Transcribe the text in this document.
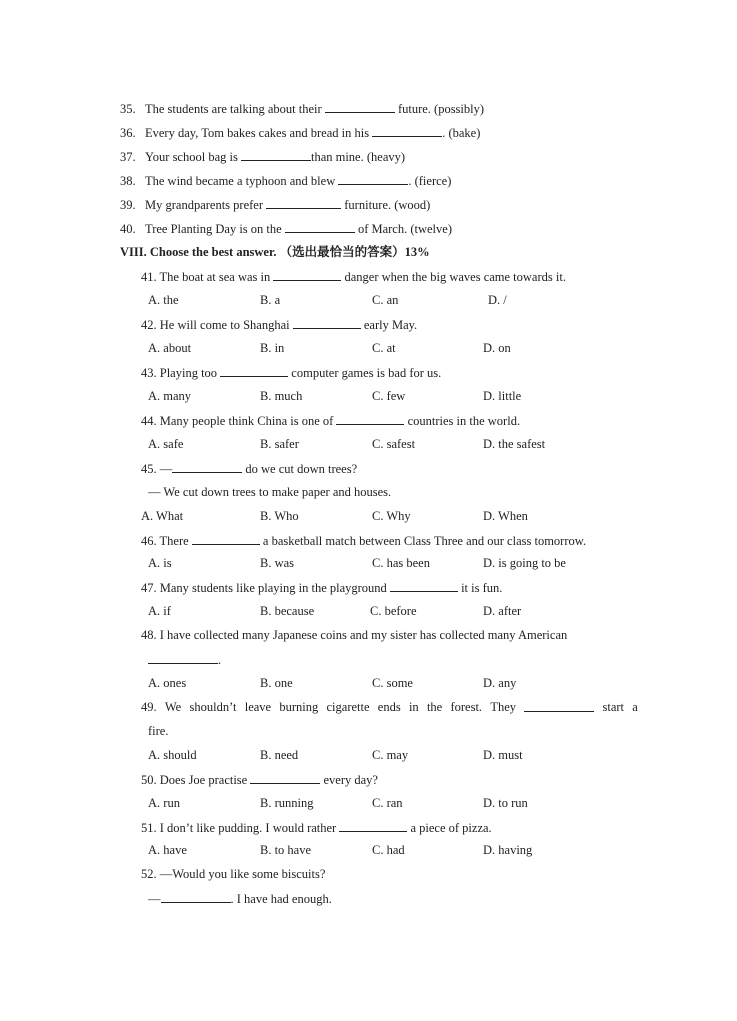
35. The students are talking about their	future. (possibly)
36. Every day, Tom bakes cakes and bread in his	. (bake)
37. Your school bag is	than mine. (heavy)
38. The wind became a typhoon and blew	. (fierce)
39. My grandparents prefer	furniture. (wood)
40. Tree Planting Day is on the	of March. (twelve)
VIII. Choose the best answer. （选出最恰当的答案）13%
41. The boat at sea was in	danger when the big waves came towards it.
A. the	B. a	C. an	D. /
42. He will come to Shanghai	early May.
A. about	B. in	C. at	D. on
43. Playing too	computer games is bad for us.
A. many	B. much	C. few	D. little
44. Many people think China is one of	countries in the world.
A. safe	B. safer	C. safest	D. the safest
45. —	do we cut down trees?
— We cut down trees to make paper and houses.
A. What	B. Who	C. Why	D. When
46. There	a basketball match between Class Three and our class tomorrow.
A. is	B. was	C. has been	D. is going to be
47. Many students like playing in the playground	it is fun.
A. if	B. because	C. before	D. after
48. I have collected many Japanese coins and my sister has collected many American
.
A. ones	B. one	C. some	D. any
49. We shouldn’t leave burning cigarette ends in the forest. They	start a
fire.
A. should	B. need	C. may	D. must
50. Does Joe practise	every day?
A. run	B. running	C. ran	D. to run
51. I don’t like pudding. I would rather	a piece of pizza.
A. have	B. to have	C. had	D. having
52. —Would you like some biscuits?
—	. I have had enough.
